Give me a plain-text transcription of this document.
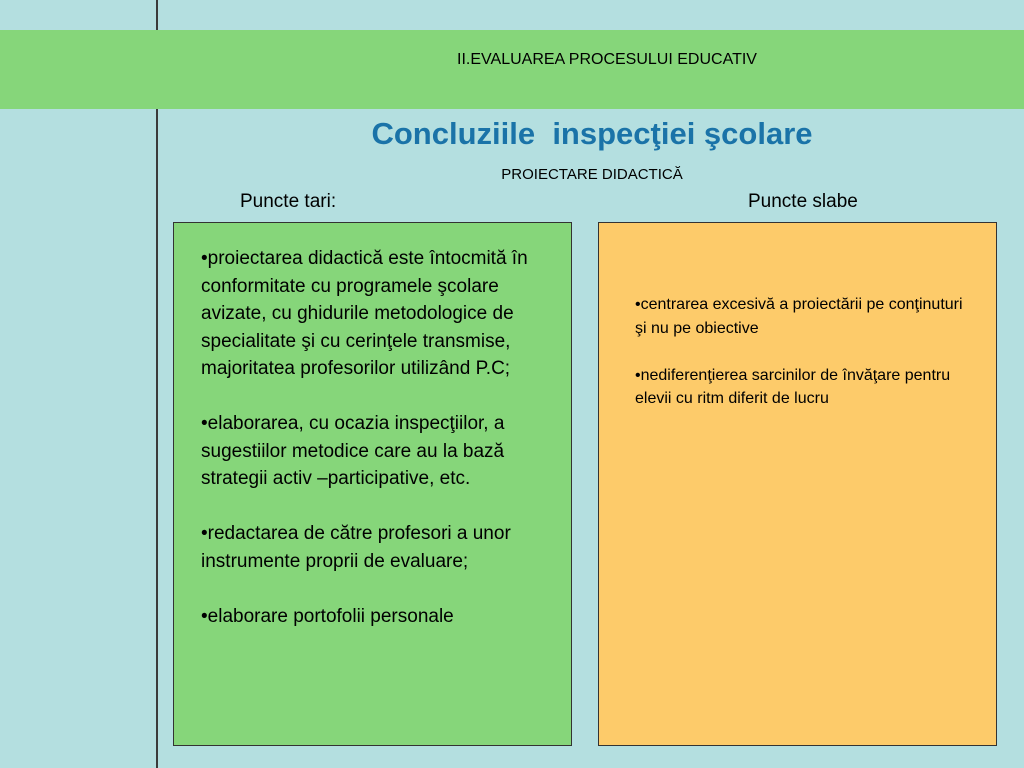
II.EVALUAREA PROCESULUI EDUCATIV
Concluziile  inspecţiei şcolare
PROIECTARE DIDACTICĂ
Puncte tari:	Puncte slabe
•proiectarea didactică este întocmită în conformitate cu programele şcolare avizate, cu ghidurile metodologice de specialitate şi cu cerinţele transmise, majoritatea profesorilor utilizând P.C;
•elaborarea, cu ocazia inspecţiilor, a sugestiilor metodice care au la bază strategii activ –participative, etc.
•redactarea de către profesori a unor instrumente proprii de evaluare;
•elaborare portofolii personale
•centrarea excesivă a proiectării pe conţinuturi şi nu pe obiective
•nediferenţierea sarcinilor de învăţare pentru elevii cu ritm diferit de lucru
